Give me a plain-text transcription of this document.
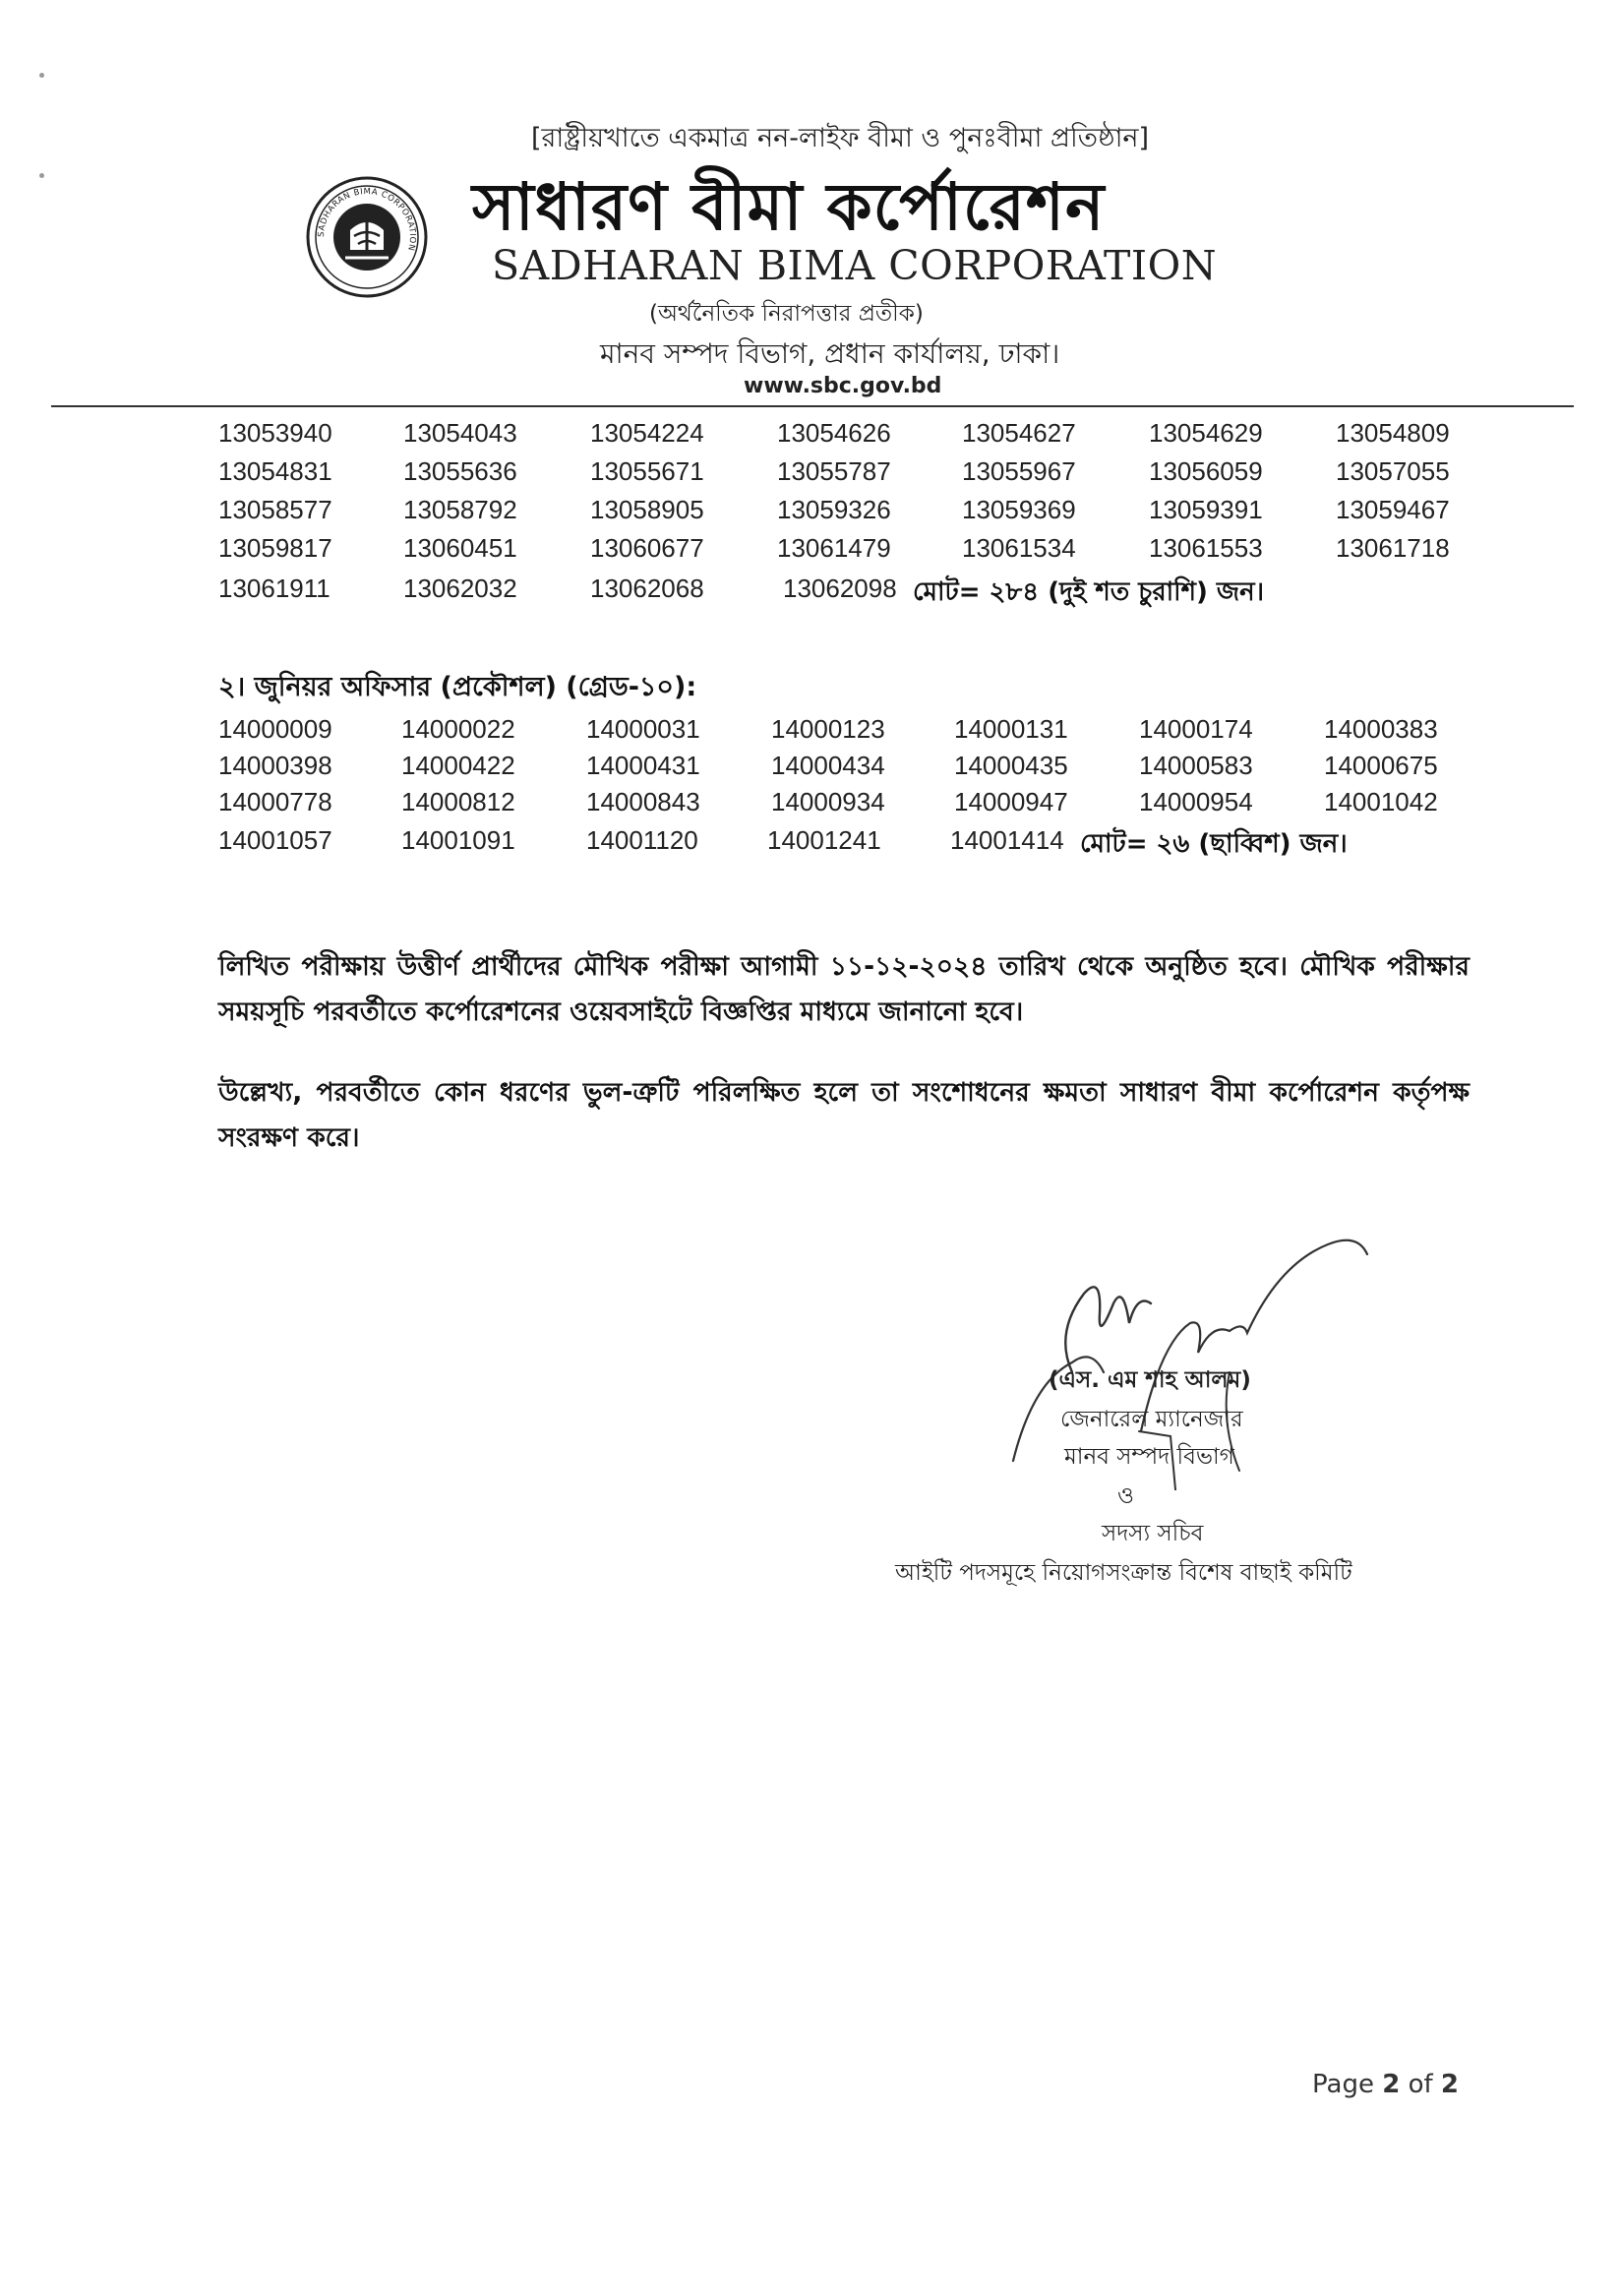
[রাষ্ট্রীয়খাতে একমাত্র নন-লাইফ বীমা ও পুনঃবীমা প্রতিষ্ঠান]
SADHARAN BIMA CORPORATION
সাধারণ বীমা কর্পোরেশন
SADHARAN BIMA CORPORATION
(অর্থনৈতিক নিরাপত্তার প্রতীক)
মানব সম্পদ বিভাগ, প্রধান কার্যালয়, ঢাকা।
www.sbc.gov.bd
13053940	13054043	13054224	13054626	13054627	13054629	13054809
13054831	13055636	13055671	13055787	13055967	13056059	13057055
13058577	13058792	13058905	13059326	13059369	13059391	13059467
13059817	13060451	13060677	13061479	13061534	13061553	13061718
13061911	13062032	13062068	13062098 মোট= ২৮৪ (দুই শত চুরাশি) জন।
২। জুনিয়র অফিসার (প্রকৌশল) (গ্রেড-১০):
14000009	14000022	14000031	14000123	14000131	14000174	14000383
14000398	14000422	14000431	14000434	14000435	14000583	14000675
14000778	14000812	14000843	14000934	14000947	14000954	14001042
14001057	14001091	14001120	14001241	14001414 মোট= ২৬ (ছাব্বিশ) জন।
লিখিত পরীক্ষায় উত্তীর্ণ প্রার্থীদের মৌখিক পরীক্ষা আগামী ১১-১২-২০২৪ তারিখ থেকে অনুষ্ঠিত হবে। মৌখিক পরীক্ষার সময়সূচি পরবর্তীতে কর্পোরেশনের ওয়েবসাইটে বিজ্ঞপ্তির মাধ্যমে জানানো হবে।
উল্লেখ্য, পরবর্তীতে কোন ধরণের ভুল-ত্রুটি পরিলক্ষিত হলে তা সংশোধনের ক্ষমতা সাধারণ বীমা কর্পোরেশন কর্তৃপক্ষ সংরক্ষণ করে।
(এস. এম শাহ আলম)
জেনারেল ম্যানেজার
মানব সম্পদ বিভাগ
ও
সদস্য সচিব
আইটি পদসমূহে নিয়োগসংক্রান্ত বিশেষ বাছাই কমিটি
Page 2 of 2
